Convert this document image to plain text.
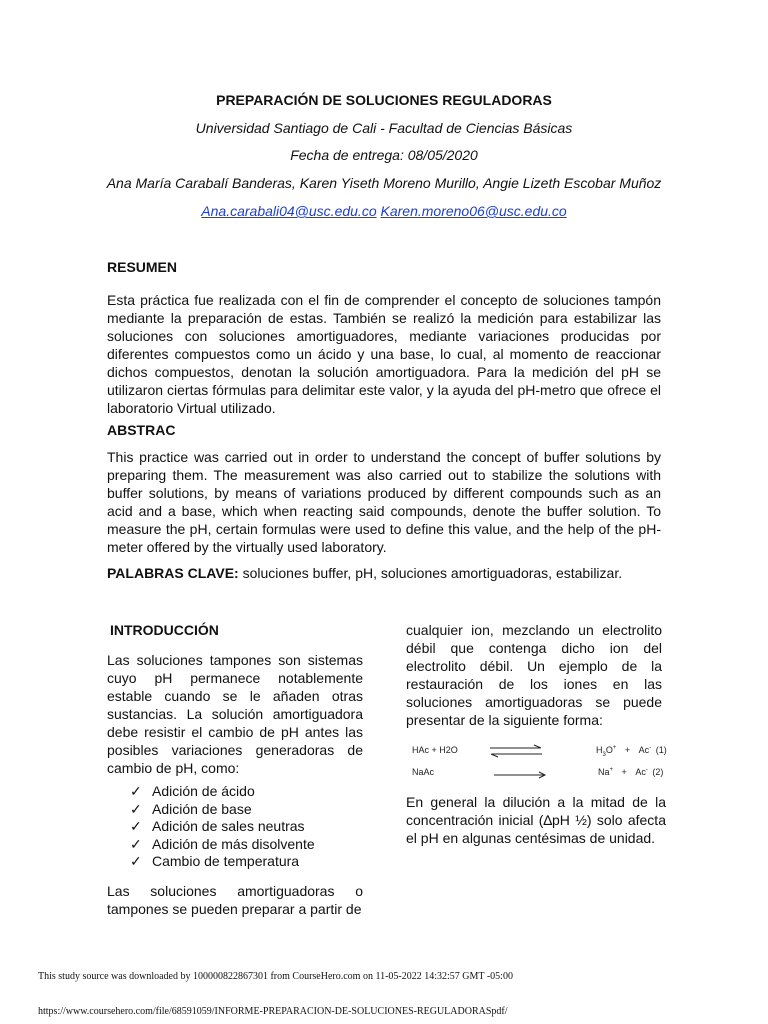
PREPARACIÓN DE SOLUCIONES REGULADORAS
Universidad Santiago de Cali - Facultad de Ciencias Básicas
Fecha de entrega: 08/05/2020
Ana María Carabalí Banderas, Karen Yiseth Moreno Murillo, Angie Lizeth Escobar Muñoz
Ana.carabali04@usc.edu.co Karen.moreno06@usc.edu.co
RESUMEN
Esta práctica fue realizada con el fin de comprender el concepto de soluciones tampón mediante la preparación de estas. También se realizó la medición para estabilizar las soluciones con soluciones amortiguadores, mediante variaciones producidas por diferentes compuestos como un ácido y una base, lo cual, al momento de reaccionar dichos compuestos, denotan la solución amortiguadora. Para la medición del pH se utilizaron ciertas fórmulas para delimitar este valor, y la ayuda del pH-metro que ofrece el laboratorio Virtual utilizado.
ABSTRAC
This practice was carried out in order to understand the concept of buffer solutions by preparing them. The measurement was also carried out to stabilize the solutions with buffer solutions, by means of variations produced by different compounds such as an acid and a base, which when reacting said compounds, denote the buffer solution. To measure the pH, certain formulas were used to define this value, and the help of the pH-meter offered by the virtually used laboratory.
PALABRAS CLAVE: soluciones buffer, pH, soluciones amortiguadoras, estabilizar.
INTRODUCCIÓN
Las soluciones tampones son sistemas cuyo pH permanece notablemente estable cuando se le añaden otras sustancias. La solución amortiguadora debe resistir el cambio de pH antes las posibles variaciones generadoras de cambio de pH, como:
✓ Adición de ácido
✓ Adición de base
✓ Adición de sales neutras
✓ Adición de más disolvente
✓ Cambio de temperatura
Las soluciones amortiguadoras o tampones se pueden preparar a partir de
cualquier ion, mezclando un electrolito débil que contenga dicho ion del electrolito débil. Un ejemplo de la restauración de los iones en las soluciones amortiguadoras se puede presentar de la siguiente forma:
HAc + H2O	$H_3O^+ + Ac^-$ (1)
NaAc	Na+ + Ac- (2)
En general la dilución a la mitad de la concentración inicial (∆pH ½) solo afecta el pH en algunas centésimas de unidad.
This study source was downloaded by 100000822867301 from CourseHero.com on 11-05-2022 14:32:57 GMT -05:00
https://www.coursehero.com/file/68591059/INFORME-PREPARACION-DE-SOLUCIONES-REGULADORASpdf/
